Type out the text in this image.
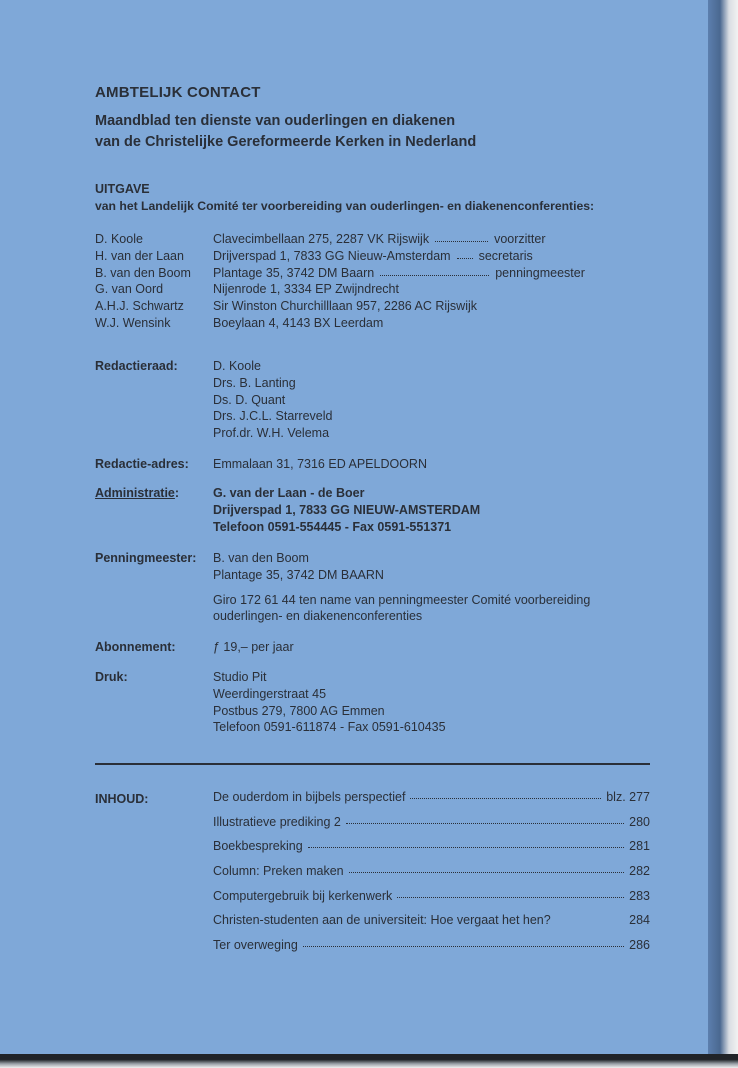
AMBTELIJK CONTACT
Maandblad ten dienste van ouderlingen en diakenen
van de Christelijke Gereformeerde Kerken in Nederland
UITGAVE
van het Landelijk Comité ter voorbereiding van ouderlingen- en diakenenconferenties:
D. Koole	Clavecimbellaan 275, 2287 VK Rijswijk	voorzitter
H. van der Laan	Drijverspad 1, 7833 GG Nieuw-Amsterdam secretaris
B. van den Boom	Plantage 35, 3742 DM Baarn	penningmeester
G. van Oord	Nijenrode 1, 3334 EP Zwijndrecht
A.H.J. Schwartz	Sir Winston Churchilllaan 957, 2286 AC Rijswijk
W.J. Wensink	Boeylaan 4, 4143 BX Leerdam
Redactieraad:	D. Koole
Drs. B. Lanting
Ds. D. Quant
Drs. J.C.L. Starreveld
Prof.dr. W.H. Velema
Redactie-adres:	Emmalaan 31, 7316 ED APELDOORN
Administratie:	G. van der Laan - de Boer
Drijverspad 1, 7833 GG NIEUW-AMSTERDAM
Telefoon 0591-554445 - Fax 0591-551371
Penningmeester:	B. van den Boom
Plantage 35, 3742 DM BAARN
Giro 172 61 44 ten name van penningmeester Comité voorbereiding
ouderlingen- en diakenenconferenties
Abonnement:	ƒ 19,– per jaar
Druk:	Studio Pit
Weerdingerstraat 45
Postbus 279, 7800 AG Emmen
Telefoon 0591-611874 - Fax 0591-610435
INHOUD:	De ouderdom in bijbels perspectief	blz. 277
Illustratieve prediking 2	280
Boekbespreking	281
Column: Preken maken	282
Computergebruik bij kerkenwerk	283
Christen-studenten aan de universiteit: Hoe vergaat het hen?	284
Ter overweging	286
